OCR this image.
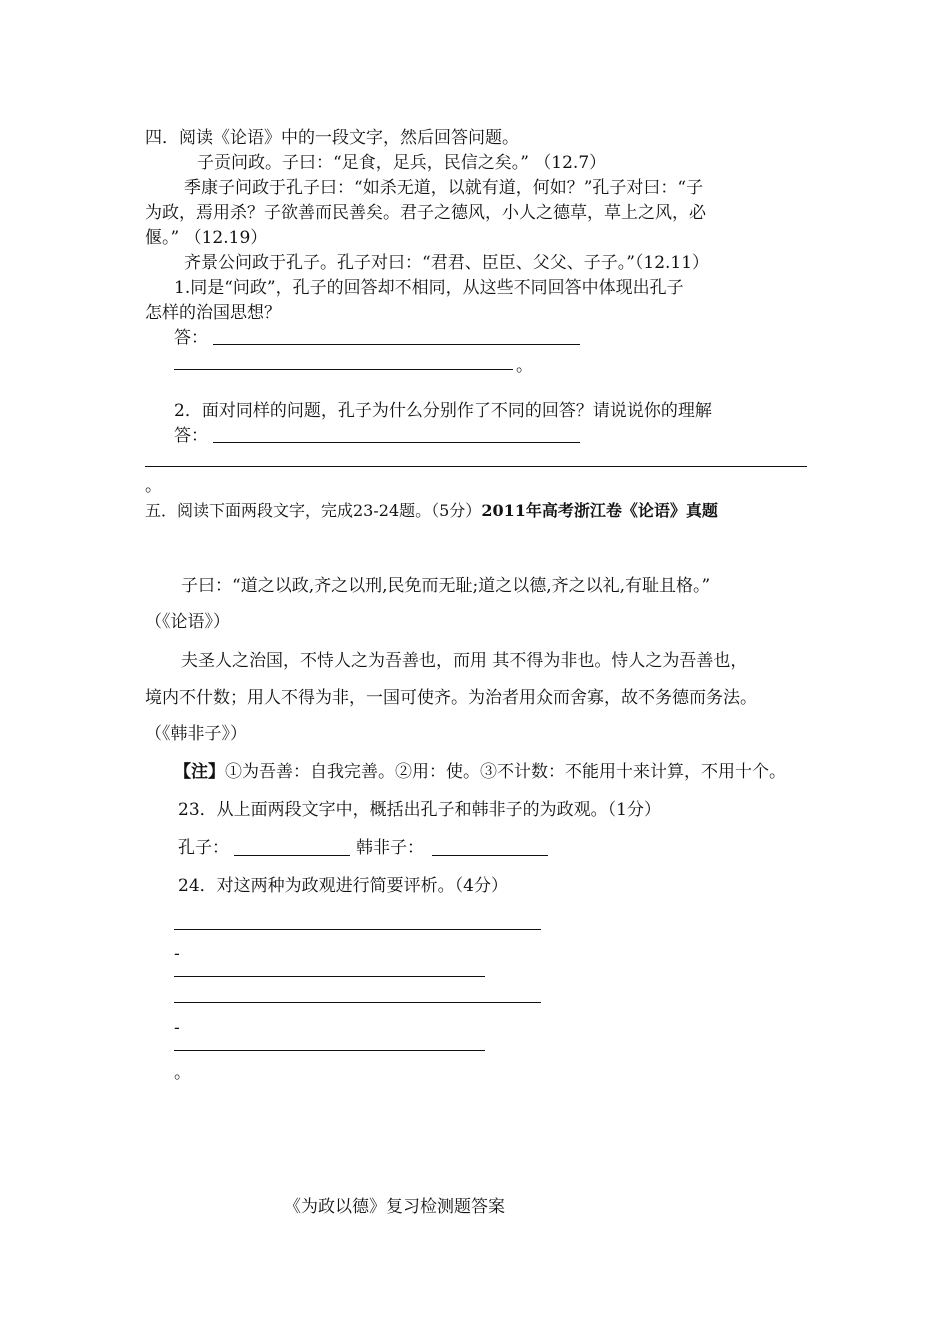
四．阅读《论语》中的一段文字，然后回答问题。
子贡问政。子曰：“足食，足兵，民信之矣。” （12.7）
季康子问政于孔子曰：“如杀无道，以就有道，何如？”孔子对曰：“子
为政，焉用杀？子欲善而民善矣。君子之德风，小人之德草，草上之风，必
偃。” （12.19）
齐景公问政于孔子。孔子对曰：“君君、臣臣、父父、子子。”（12.11）
1.同是“问政”，孔子的回答却不相同，从这些不同回答中体现出孔子
怎样的治国思想？
答：
。
2．面对同样的问题，孔子为什么分别作了不同的回答？请说说你的理解
答：
。
五．阅读下面两段文字，完成23-24题。（5分）2011年高考浙江卷《论语》真题
子曰：“道之以政,齐之以刑,民免而无耻;道之以德,齐之以礼,有耻且格。”
（《论语》）
夫圣人之治国，不恃人之为吾善也，而用 其不得为非也。恃人之为吾善也，
境内不什数；用人不得为非，一国可使齐。为治者用众而舍寡，故不务德而务法。
（《韩非子》）
【注】①为吾善：自我完善。②用：使。③不计数：不能用十来计算，不用十个。
23．从上面两段文字中，概括出孔子和韩非子的为政观。（1分）
孔子：	韩非子：
24．对这两种为政观进行简要评析。（4分）
-
-
。
《为政以德》复习检测题答案
